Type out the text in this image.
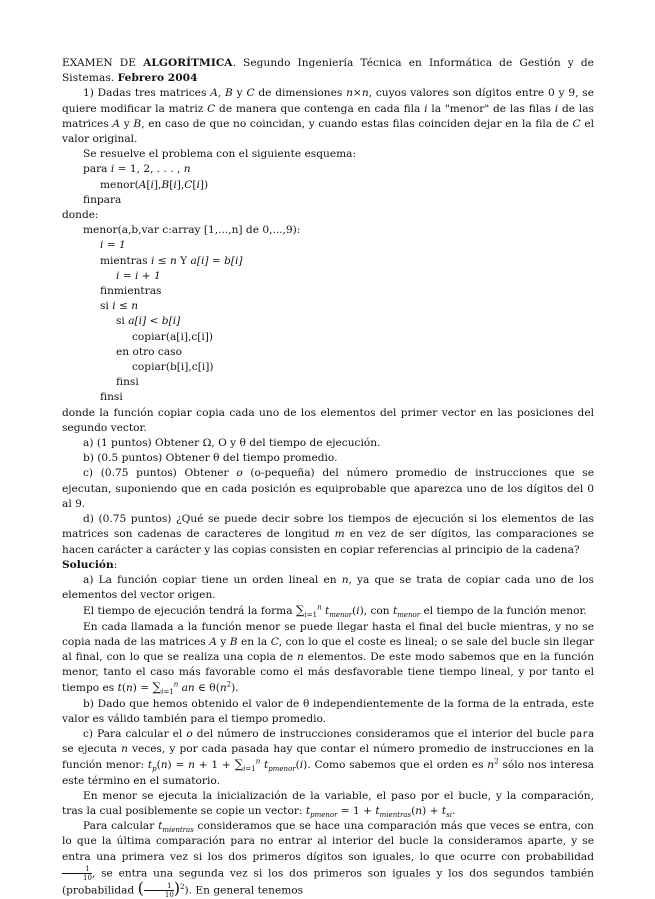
EXAMEN DE ALGORÍTMICA. Segundo Ingeniería Técnica en Informática de Gestión y de Sistemas. Febrero 2004

1) Dadas tres matrices A, B y C de dimensiones n×n, cuyos valores son dígitos entre 0 y 9, se quiere modificar la matriz C de manera que contenga en cada fila i la "menor" de las filas i de las matrices A y B, en caso de que no coincidan, y cuando estas filas coinciden dejar en la fila de C el valor original.

Se resuelve el problema con el siguiente esquema:

para i = 1, 2, . . . , n

menor(A[i],B[i],C[i])

finpara

donde:

menor(a,b,var c:array [1,...,n] de 0,...,9):

i = 1

mientras i ≤ n Y a[i] = b[i]

i = i + 1

finmientras

si i ≤ n

si a[i] < b[i]

copiar(a[i],c[i])

en otro caso

copiar(b[i],c[i])

finsi

finsi

donde la función copiar copia cada uno de los elementos del primer vector en las posiciones del segundo vector.

a) (1 puntos) Obtener Ω, O y θ del tiempo de ejecución.

b) (0.5 puntos) Obtener θ del tiempo promedio.

c) (0.75 puntos) Obtener o (o-pequeña) del número promedio de instrucciones que se ejecutan, suponiendo que en cada posición es equiprobable que aparezca uno de los dígitos del 0 al 9.

d) (0.75 puntos) ¿Qué se puede decir sobre los tiempos de ejecución si los elementos de las matrices son cadenas de caracteres de longitud m en vez de ser dígitos, las comparaciones se hacen carácter a carácter y las copias consisten en copiar referencias al principio de la cadena?

Solución:

a) La función copiar tiene un orden lineal en n, ya que se trata de copiar cada uno de los elementos del vector origen.

El tiempo de ejecución tendrá la forma $\sum_{i=1}^n$ $t_{menor}(i)$, con $t_{menor}$ el tiempo de la función menor.

En cada llamada a la función menor se puede llegar hasta el final del bucle mientras, y no se copia nada de las matrices A y B en la C, con lo que el coste es lineal; o se sale del bucle sin llegar al final, con lo que se realiza una copia de n elementos. De este modo sabemos que en la función menor, tanto el caso más favorable como el más desfavorable tiene tiempo lineal, y por tanto el tiempo es $t(n) = \sum_{i=1}^n$ an ∈ $\theta(n^2)$.

b) Dado que hemos obtenido el valor de θ independientemente de la forma de la entrada, este valor es válido también para el tiempo promedio.

c) Para calcular el o del número de instrucciones consideramos que el interior del bucle para se ejecuta n veces, y por cada pasada hay que contar el número promedio de instrucciones en la función menor: $t_p(n) = n + 1 + \sum_{i=1}^n$ $t_{pmenor}(i)$. Como sabemos que el orden es $n^2$ sólo nos interesa este término en el sumatorio.

En menor se ejecuta la inicialización de la variable, el paso por el bucle, y la comparación, tras la cual posiblemente se copie un vector: $t_{pmenor} = 1 + t_{mientras}(n) + t_{si}$.

Para calcular $t_{mientras}$ consideramos que se hace una comparación más que veces se entra, con lo que la última comparación para no entrar al interior del bucle la consideramos aparte, y se entra una primera vez si los dos primeros dígitos son iguales, lo que ocurre con probabilidad
$\frac{1}{10}$ , se entra una segunda vez si los dos primeros son iguales y los dos segundos también (probabilidad ( $\frac{1}{10} )^2$). En general tenemos
